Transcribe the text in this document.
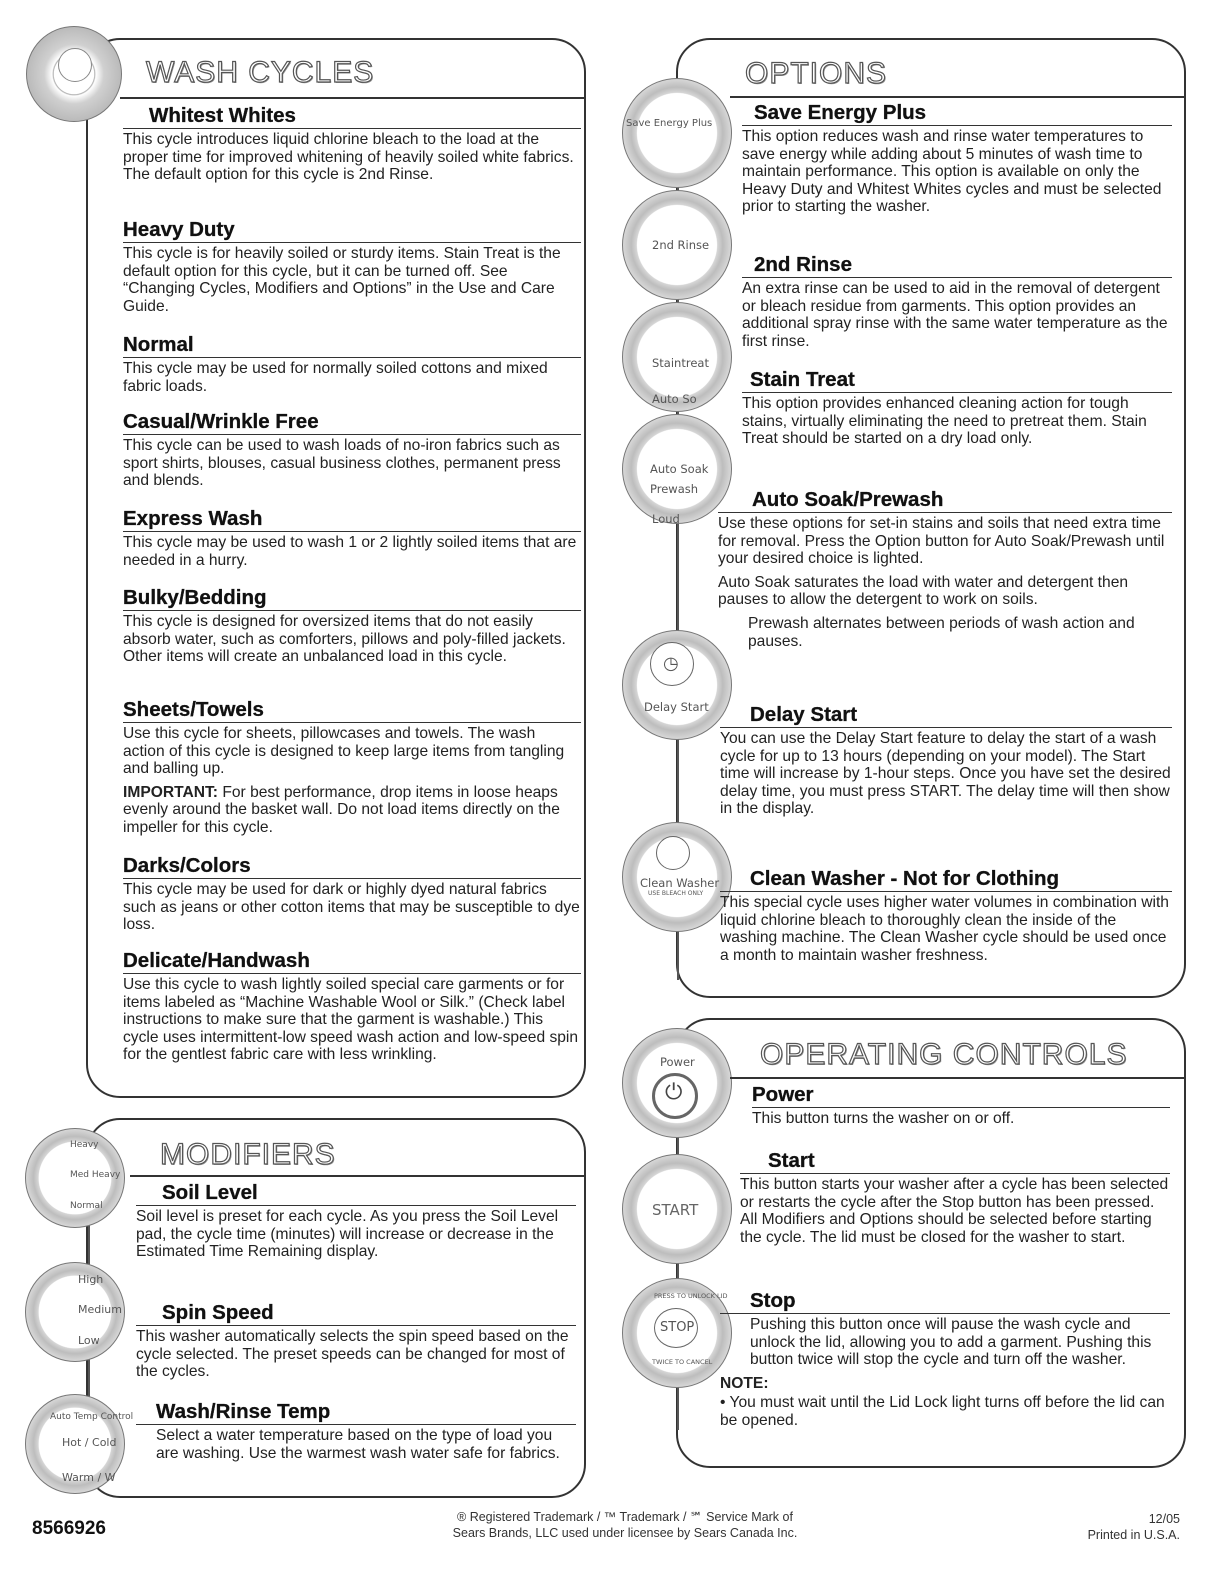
WASH CYCLES
Whitest Whites

This cycle introduces liquid chlorine bleach to the load at the proper time for improved whitening of heavily soiled white fabrics. The default option for this cycle is 2nd Rinse.

Heavy Duty

This cycle is for heavily soiled or sturdy items. Stain Treat is the default option for this cycle, but it can be turned off. See “Changing Cycles, Modifiers and Options” in the Use and Care Guide.

Normal

This cycle may be used for normally soiled cottons and mixed fabric loads.

Casual/Wrinkle Free

This cycle can be used to wash loads of no-iron fabrics such as sport shirts, blouses, casual business clothes, permanent press and blends.

Express Wash

This cycle may be used to wash 1 or 2 lightly soiled items that are needed in a hurry.

Bulky/Bedding

This cycle is designed for oversized items that do not easily absorb water, such as comforters, pillows and poly-filled jackets. Other items will create an unbalanced load in this cycle.

Sheets/Towels

Use this cycle for sheets, pillowcases and towels. The wash action of this cycle is designed to keep large items from tangling and balling up.

IMPORTANT: For best performance, drop items in loose heaps evenly around the basket wall. Do not load items directly on the impeller for this cycle.

Darks/Colors

This cycle may be used for dark or highly dyed natural fabrics such as jeans or other cotton items that may be susceptible to dye loss.

Delicate/Handwash

Use this cycle to wash lightly soiled special care garments or for items labeled as “Machine Washable Wool or Silk.” (Check label instructions to make sure that the garment is washable.) This cycle uses intermittent-low speed wash action and low-speed spin for the gentlest fabric care with less wrinkling.

Heavy
Med Heavy
Normal
High
Medium
Low
Auto Temp Control
Hot / Cold
Warm / W
MODIFIERS
Soil Level

Soil level is preset for each cycle. As you press the Soil Level pad, the cycle time (minutes) will increase or decrease in the Estimated Time Remaining display.

Spin Speed

This washer automatically selects the spin speed based on the cycle selected. The preset speeds can be changed for most of the cycles.

Wash/Rinse Temp

Select a water temperature based on the type of load you are washing. Use the warmest wash water safe for fabrics.

Save Energy Plus
2nd Rinse
Staintreat
Auto So
Auto Soak
Prewash
Loud
◷
Delay Start
Clean Washer
USE BLEACH ONLY
OPTIONS
Save Energy Plus

This option reduces wash and rinse water temperatures to save energy while adding about 5 minutes of wash time to maintain performance. This option is available on only the Heavy Duty and Whitest Whites cycles and must be selected prior to starting the washer.

2nd Rinse

An extra rinse can be used to aid in the removal of detergent or bleach residue from garments. This option provides an additional spray rinse with the same water temperature as the first rinse.

Stain Treat

This option provides enhanced cleaning action for tough stains, virtually eliminating the need to pretreat them. Stain Treat should be started on a dry load only.

Auto Soak/Prewash

Use these options for set-in stains and soils that need extra time for removal. Press the Option button for Auto Soak/Prewash until your desired choice is lighted.

Auto Soak saturates the load with water and detergent then pauses to allow the detergent to work on soils.

Prewash alternates between periods of wash action and pauses.

Delay Start

You can use the Delay Start feature to delay the start of a wash cycle for up to 13 hours (depending on your model). The Start time will increase by 1-hour steps. Once you have set the desired delay time, you must press START. The delay time will then show in the display.

Clean Washer - Not for Clothing

This special cycle uses higher water volumes in combination with liquid chlorine bleach to thoroughly clean the inside of the washing machine. The Clean Washer cycle should be used once a month to maintain washer freshness.

Power
⏻
START
PRESS TO UNLOCK LID
STOP
TWICE TO CANCEL
OPERATING CONTROLS
Power

This button turns the washer on or off.

Start

This button starts your washer after a cycle has been selected or restarts the cycle after the Stop button has been pressed. All Modifiers and Options should be selected before starting the cycle. The lid must be closed for the washer to start.

Stop

Pushing this button once will pause the wash cycle and unlock the lid, allowing you to add a garment. Pushing this button twice will stop the cycle and turn off the washer.

NOTE:

• You must wait until the Lid Lock light turns off before the lid can be opened.

8566926
® Registered Trademark / ™ Trademark / ℠ Service Mark of
Sears Brands, LLC used under licensee by Sears Canada Inc.
12/05
Printed in U.S.A.
